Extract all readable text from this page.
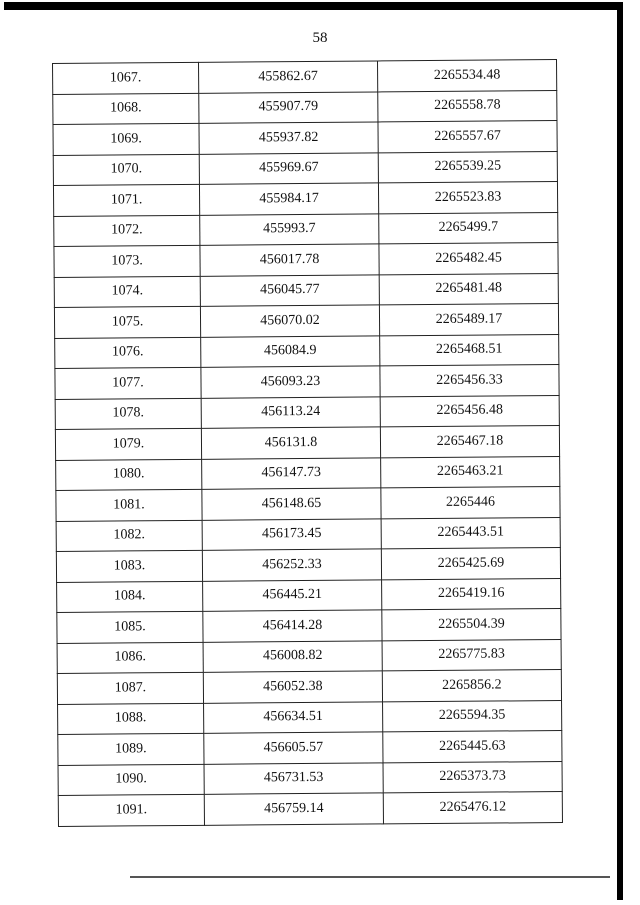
58
1067.	455862.67	2265534.48
1068.	455907.79	2265558.78
1069.	455937.82	2265557.67
1070.	455969.67	2265539.25
1071.	455984.17	2265523.83
1072.	455993.7	2265499.7
1073.	456017.78	2265482.45
1074.	456045.77	2265481.48
1075.	456070.02	2265489.17
1076.	456084.9	2265468.51
1077.	456093.23	2265456.33
1078.	456113.24	2265456.48
1079.	456131.8	2265467.18
1080.	456147.73	2265463.21
1081.	456148.65	2265446
1082.	456173.45	2265443.51
1083.	456252.33	2265425.69
1084.	456445.21	2265419.16
1085.	456414.28	2265504.39
1086.	456008.82	2265775.83
1087.	456052.38	2265856.2
1088.	456634.51	2265594.35
1089.	456605.57	2265445.63
1090.	456731.53	2265373.73
1091.	456759.14	2265476.12
